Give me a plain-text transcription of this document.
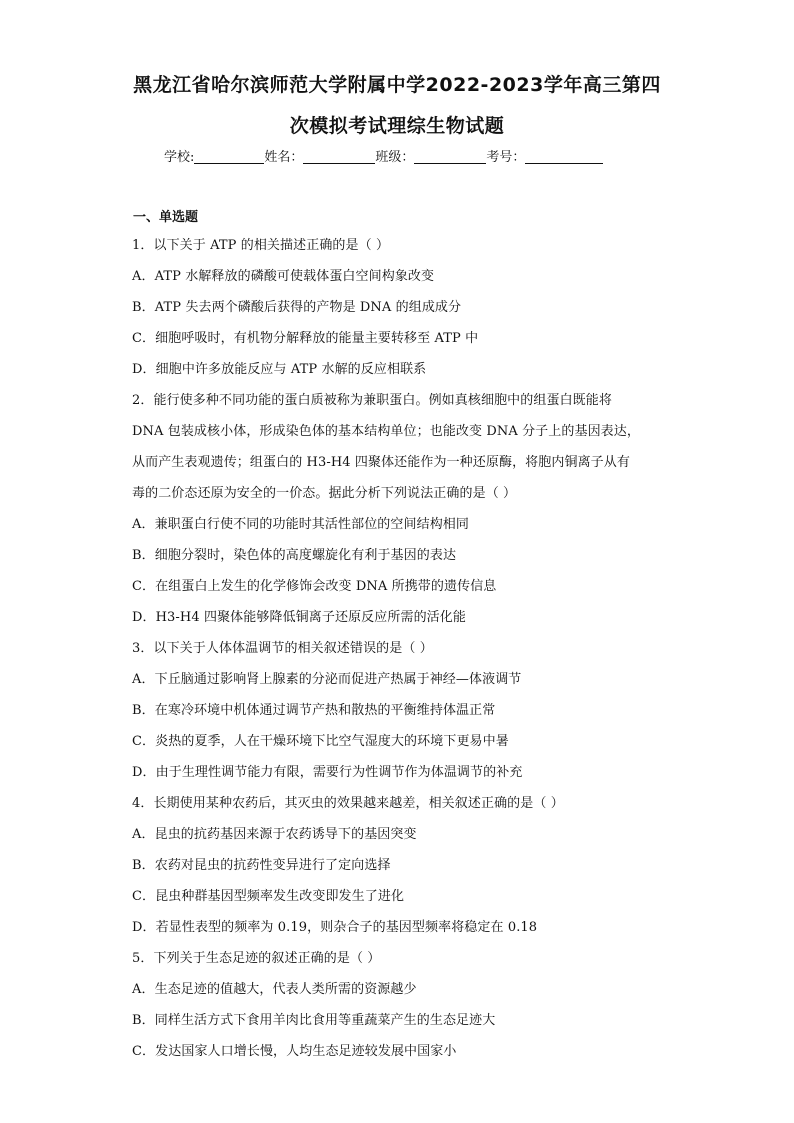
黑龙江省哈尔滨师范大学附属中学2022-2023学年高三第四
次模拟考试理综生物试题
学校:	姓名：	班级：	考号：
一、单选题
1．以下关于 ATP 的相关描述正确的是（ ）
A．ATP 水解释放的磷酸可使载体蛋白空间构象改变
B．ATP 失去两个磷酸后获得的产物是 DNA 的组成成分
C．细胞呼吸时，有机物分解释放的能量主要转移至 ATP 中
D．细胞中许多放能反应与 ATP 水解的反应相联系
2．能行使多种不同功能的蛋白质被称为兼职蛋白。例如真核细胞中的组蛋白既能将
DNA 包装成核小体，形成染色体的基本结构单位；也能改变 DNA 分子上的基因表达，
从而产生表观遗传；组蛋白的 H3-H4 四聚体还能作为一种还原酶，将胞内铜离子从有
毒的二价态还原为安全的一价态。据此分析下列说法正确的是（ ）
A．兼职蛋白行使不同的功能时其活性部位的空间结构相同
B．细胞分裂时，染色体的高度螺旋化有利于基因的表达
C．在组蛋白上发生的化学修饰会改变 DNA 所携带的遗传信息
D．H3-H4 四聚体能够降低铜离子还原反应所需的活化能
3．以下关于人体体温调节的相关叙述错误的是（ ）
A．下丘脑通过影响肾上腺素的分泌而促进产热属于神经—体液调节
B．在寒冷环境中机体通过调节产热和散热的平衡维持体温正常
C．炎热的夏季，人在干燥环境下比空气湿度大的环境下更易中暑
D．由于生理性调节能力有限，需要行为性调节作为体温调节的补充
4．长期使用某种农药后，其灭虫的效果越来越差，相关叙述正确的是（ ）
A．昆虫的抗药基因来源于农药诱导下的基因突变
B．农药对昆虫的抗药性变异进行了定向选择
C．昆虫种群基因型频率发生改变即发生了进化
D．若显性表型的频率为 0.19，则杂合子的基因型频率将稳定在 0.18
5．下列关于生态足迹的叙述正确的是（ ）
A．生态足迹的值越大，代表人类所需的资源越少
B．同样生活方式下食用羊肉比食用等重蔬菜产生的生态足迹大
C．发达国家人口增长慢，人均生态足迹较发展中国家小
